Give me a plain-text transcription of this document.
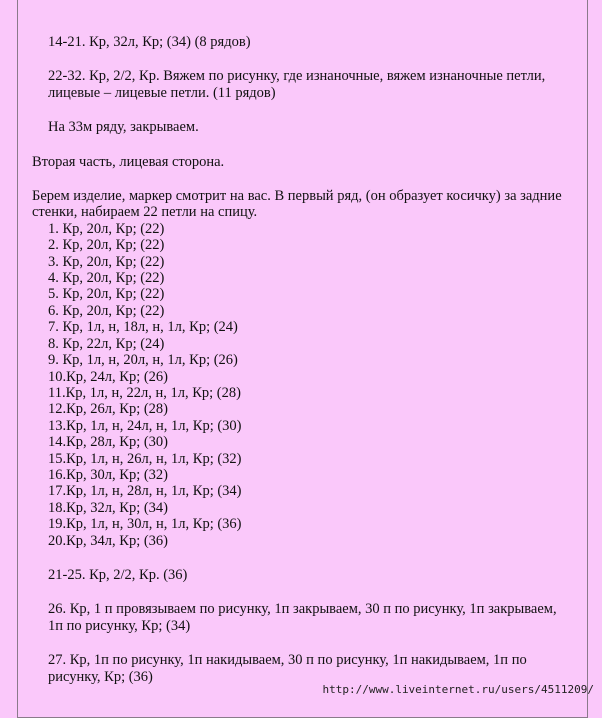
14-21. Кр, 32л, Кр; (34) (8 рядов)

22-32. Кр, 2/2, Кр. Вяжем по рисунку, где изнаночные, вяжем изнаночные петли, лицевые – лицевые петли. (11 рядов)

На 33м ряду, закрываем.

Вторая часть, лицевая сторона.

Берем изделие, маркер смотрит на вас. В первый ряд, (он образует косичку) за задние стенки, набираем 22 петли на спицу.

1. Кр, 20л, Кр; (22)
2. Кр, 20л, Кр; (22)
3. Кр, 20л, Кр; (22)
4. Кр, 20л, Кр; (22)
5. Кр, 20л, Кр; (22)
6. Кр, 20л, Кр; (22)
7. Кр, 1л, н, 18л, н, 1л, Кр; (24)
8. Кр, 22л, Кр; (24)
9. Кр, 1л, н, 20л, н, 1л, Кр; (26)
10.Кр, 24л, Кр; (26)
11.Кр, 1л, н, 22л, н, 1л, Кр; (28)
12.Кр, 26л, Кр; (28)
13.Кр, 1л, н, 24л, н, 1л, Кр; (30)
14.Кр, 28л, Кр; (30)
15.Кр, 1л, н, 26л, н, 1л, Кр; (32)
16.Кр, 30л, Кр; (32)
17.Кр, 1л, н, 28л, н, 1л, Кр; (34)
18.Кр, 32л, Кр; (34)
19.Кр, 1л, н, 30л, н, 1л, Кр; (36)
20.Кр, 34л, Кр; (36)

21-25. Кр, 2/2, Кр. (36)

26. Кр, 1 п провязываем по рисунку, 1п закрываем, 30 п по рисунку, 1п закрываем, 1п по рисунку, Кр; (34)

27. Кр, 1п по рисунку, 1п накидываем, 30 п по рисунку, 1п накидываем, 1п по рисунку, Кр; (36)

http://www.liveinternet.ru/users/4511209/
